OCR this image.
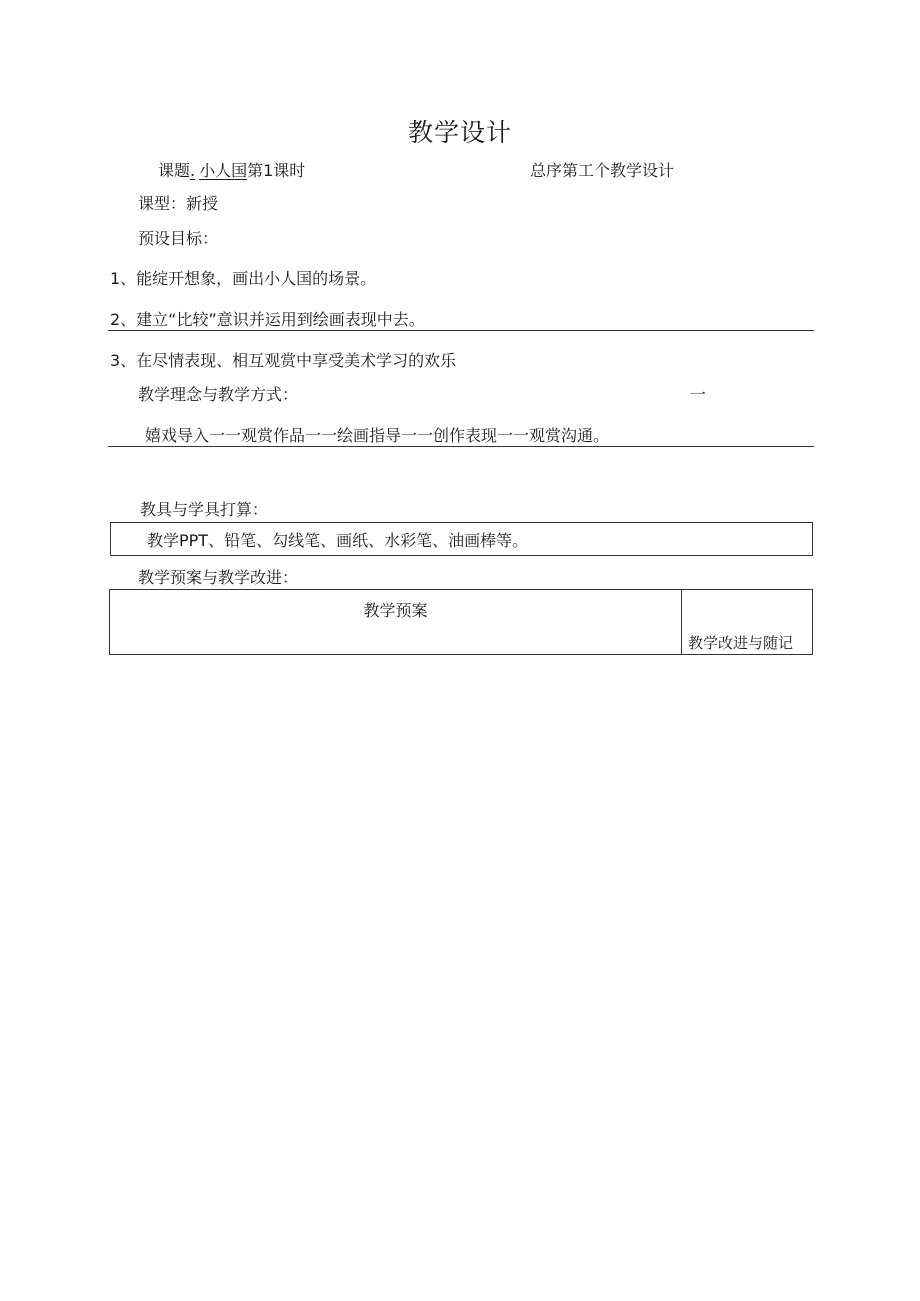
教学设计
课题. 小人国第1课时	总序第工个教学设计
课型：新授
预设目标：
1、能绽开想象，画出小人国的场景。
2、建立“比较”意识并运用到绘画表现中去。
3、在尽情表现、相互观赏中享受美术学习的欢乐
教学理念与教学方式：	一
嬉戏导入一一观赏作品一一绘画指导一一创作表现一一观赏沟通。
教具与学具打算：
教学PPT、铅笔、勾线笔、画纸、水彩笔、油画棒等。
教学预案与教学改进：
教学预案
教学改进与随记
